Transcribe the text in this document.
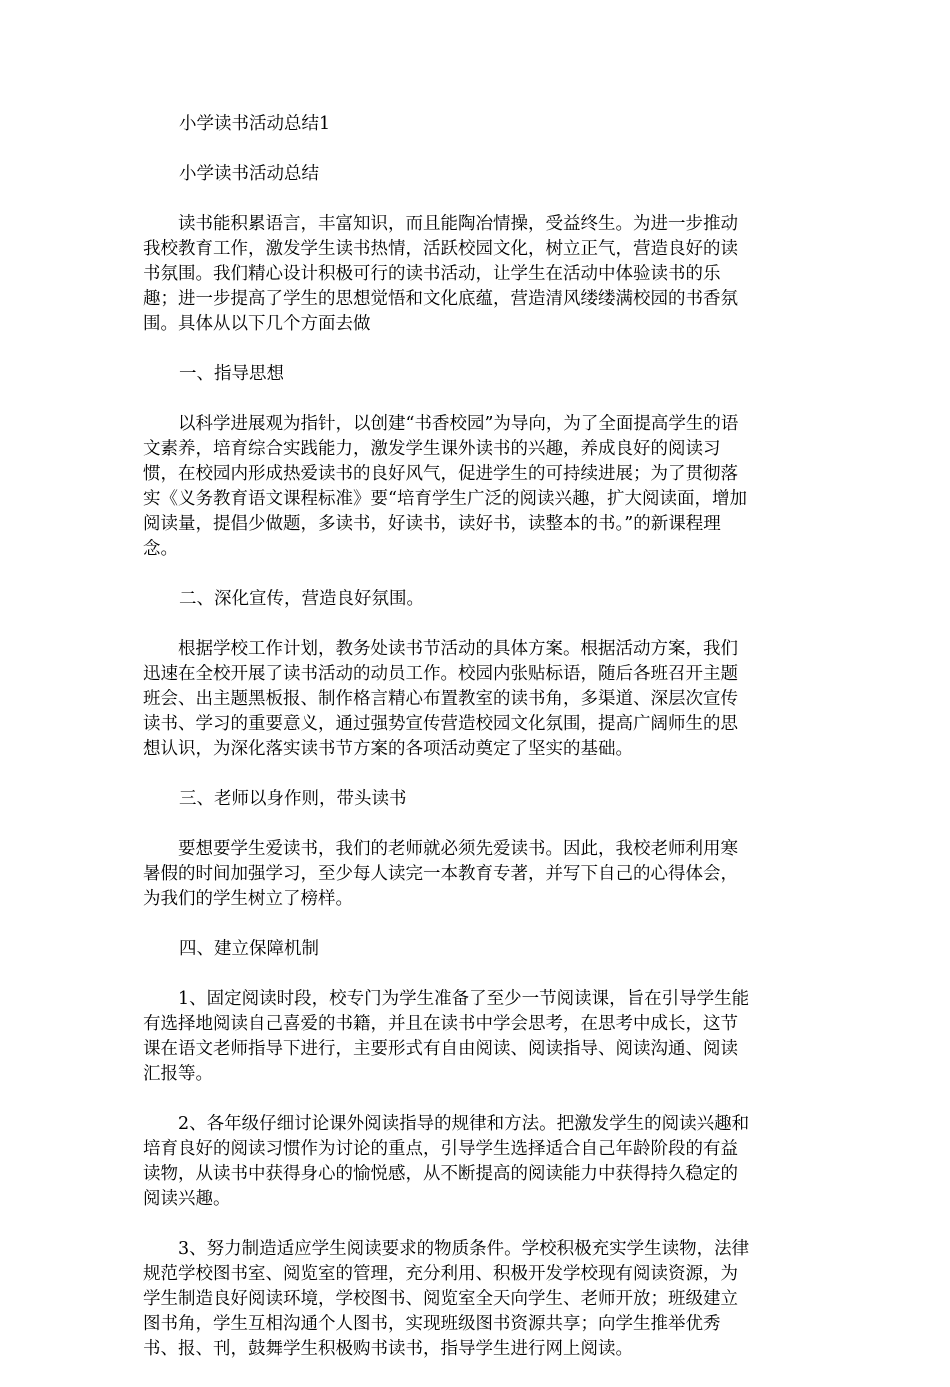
小学读书活动总结1
小学读书活动总结
　　读书能积累语言，丰富知识，而且能陶冶情操，受益终生。为进一步推动
我校教育工作，激发学生读书热情，活跃校园文化，树立正气，营造良好的读
书氛围。我们精心设计积极可行的读书活动，让学生在活动中体验读书的乐
趣；进一步提高了学生的思想觉悟和文化底蕴，营造清风缕缕满校园的书香氛
围。具体从以下几个方面去做
一、指导思想
　　以科学进展观为指针，以创建“书香校园”为导向，为了全面提高学生的语
文素养，培育综合实践能力，激发学生课外读书的兴趣，养成良好的阅读习
惯，在校园内形成热爱读书的良好风气，促进学生的可持续进展；为了贯彻落
实《义务教育语文课程标准》要“培育学生广泛的阅读兴趣，扩大阅读面，增加
阅读量，提倡少做题，多读书，好读书，读好书，读整本的书。”的新课程理
念。
二、深化宣传，营造良好氛围。
　　根据学校工作计划，教务处读书节活动的具体方案。根据活动方案，我们
迅速在全校开展了读书活动的动员工作。校园内张贴标语，随后各班召开主题
班会、出主题黑板报、制作格言精心布置教室的读书角，多渠道、深层次宣传
读书、学习的重要意义，通过强势宣传营造校园文化氛围，提高广阔师生的思
想认识，为深化落实读书节方案的各项活动奠定了坚实的基础。
三、老师以身作则，带头读书
　　要想要学生爱读书，我们的老师就必须先爱读书。因此，我校老师利用寒
暑假的时间加强学习，至少每人读完一本教育专著，并写下自己的心得体会，
为我们的学生树立了榜样。
四、建立保障机制
　　1、固定阅读时段，校专门为学生准备了至少一节阅读课，旨在引导学生能
有选择地阅读自己喜爱的书籍，并且在读书中学会思考，在思考中成长，这节
课在语文老师指导下进行，主要形式有自由阅读、阅读指导、阅读沟通、阅读
汇报等。
　　2、各年级仔细讨论课外阅读指导的规律和方法。把激发学生的阅读兴趣和
培育良好的阅读习惯作为讨论的重点，引导学生选择适合自己年龄阶段的有益
读物，从读书中获得身心的愉悦感，从不断提高的阅读能力中获得持久稳定的
阅读兴趣。
　　3、努力制造适应学生阅读要求的物质条件。学校积极充实学生读物，法律
规范学校图书室、阅览室的管理，充分利用、积极开发学校现有阅读资源，为
学生制造良好阅读环境，学校图书、阅览室全天向学生、老师开放；班级建立
图书角，学生互相沟通个人图书，实现班级图书资源共享；向学生推举优秀
书、报、刊，鼓舞学生积极购书读书，指导学生进行网上阅读。
